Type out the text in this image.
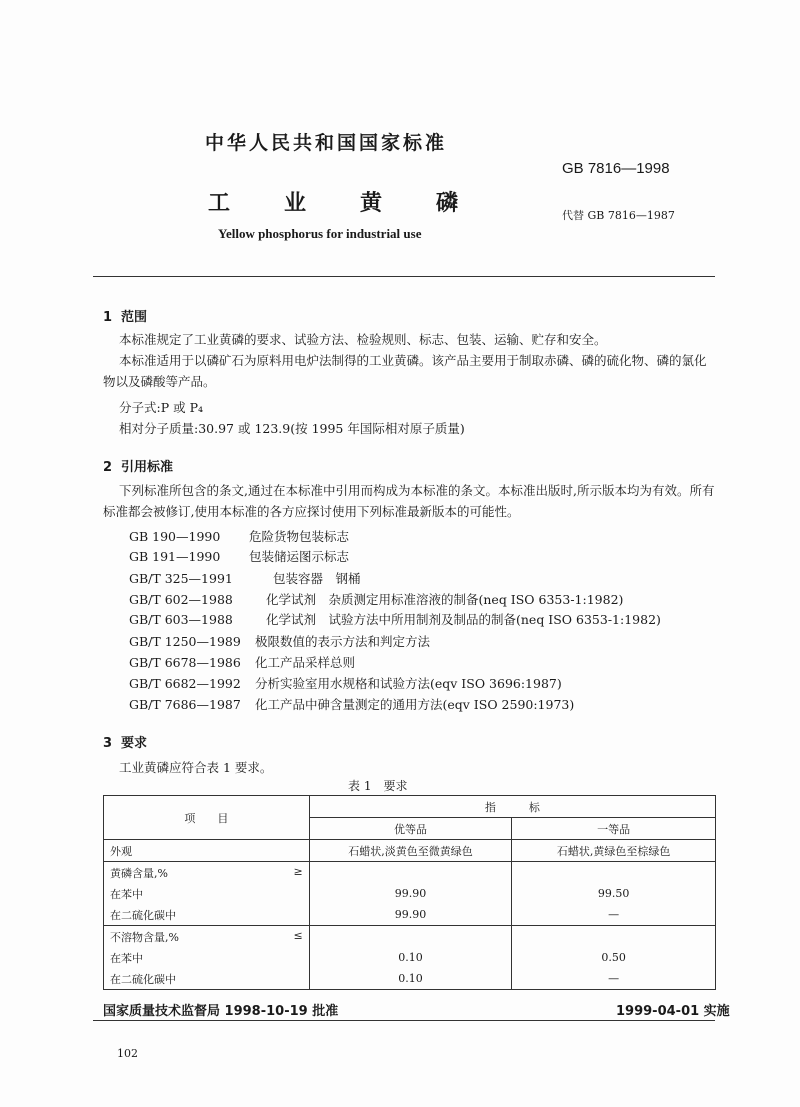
中华人民共和国国家标准
GB 7816—1998
工 业 黄 磷	代替 GB 7816—1987
Yellow phosphorus for industrial use
1 范围
本标准规定了工业黄磷的要求、试验方法、检验规则、标志、包装、运输、贮存和安全。
本标准适用于以磷矿石为原料用电炉法制得的工业黄磷。该产品主要用于制取赤磷、磷的硫化物、磷的氯化物以及磷酸等产品。
分子式:P 或 P₄
相对分子质量:30.97 或 123.9(按 1995 年国际相对原子质量)
2 引用标准
下列标准所包含的条文,通过在本标准中引用而构成为本标准的条文。本标准出版时,所示版本均为有效。所有标准都会被修订,使用本标准的各方应探讨使用下列标准最新版本的可能性。
GB 190—1990 危险货物包装标志
GB 191—1990 包装储运图示标志
GB/T 325—1991	包装容器　钢桶
GB/T 602—1988	化学试剂　杂质测定用标准溶液的制备(neq ISO 6353-1:1982)
GB/T 603—1988	化学试剂　试验方法中所用制剂及制品的制备(neq ISO 6353-1:1982)
GB/T 1250—1989 极限数值的表示方法和判定方法
GB/T 6678—1986 化工产品采样总则
GB/T 6682—1992 分析实验室用水规格和试验方法(eqv ISO 3696:1987)
GB/T 7686—1987 化工产品中砷含量测定的通用方法(eqv ISO 2590:1973)
3 要求
工业黄磷应符合表 1 要求。
表 1　要求
项　　目	指　　　标	
	优等品	一等品
外观	石蜡状,淡黄色至微黄绿色	石蜡状,黄绿色至棕绿色

黄磷含量,% ≥		

在苯中	99.90	99.50
在二硫化碳中	99.90	—

不溶物含量,% ≤		

在苯中	0.10	0.50
在二硫化碳中	0.10	—
国家质量技术监督局 1998-10-19 批准	1999-04-01 实施
102
